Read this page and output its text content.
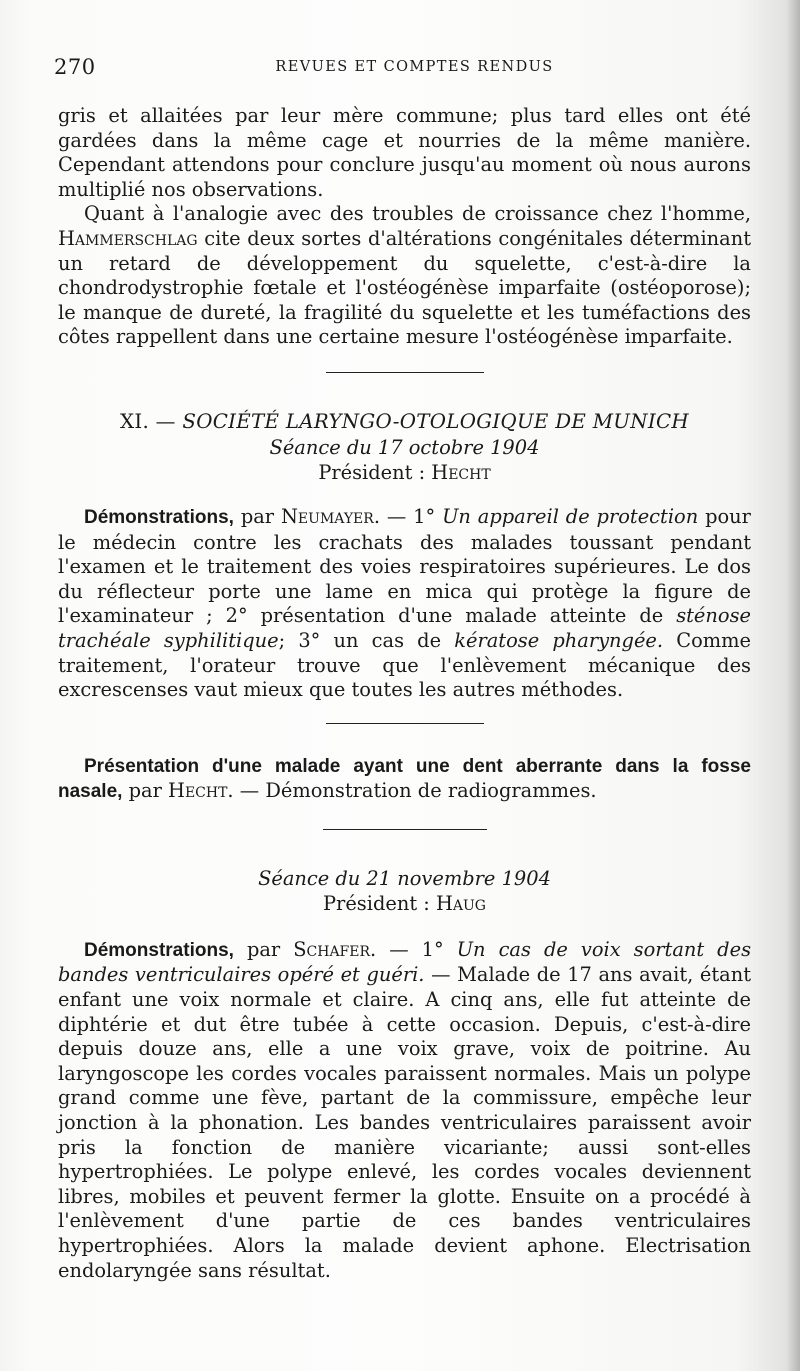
270	REVUES ET COMPTES RENDUS

gris et allaitées par leur mère commune; plus tard elles ont été gardées dans la même cage et nourries de la même manière. Cependant attendons pour conclure jusqu'au moment où nous aurons multiplié nos observations.

Quant à l'analogie avec des troubles de croissance chez l'homme, Hammerschlag cite deux sortes d'altérations congénitales déterminant un retard de développement du squelette, c'est-à-dire la chondrodystrophie fœtale et l'ostéogénèse imparfaite (ostéoporose); le manque de dureté, la fragilité du squelette et les tuméfactions des côtes rappellent dans une certaine mesure l'ostéogénèse imparfaite.

XI. — SOCIÉTÉ LARYNGO-OTOLOGIQUE DE MUNICH
Séance du 17 octobre 1904
Président : Hecht

Démonstrations, par Neumayer. — 1° Un appareil de protection pour le médecin contre les crachats des malades toussant pendant l'examen et le traitement des voies respiratoires supérieures. Le dos du réflecteur porte une lame en mica qui protège la figure de l'examinateur ; 2° présentation d'une malade atteinte de sténose trachéale syphilitique; 3° un cas de kératose pharyngée. Comme traitement, l'orateur trouve que l'enlèvement mécanique des excrescenses vaut mieux que toutes les autres méthodes.

Présentation d'une malade ayant une dent aberrante dans la fosse nasale, par Hecht. — Démonstration de radiogrammes.

Séance du 21 novembre 1904
Président : Haug

Démonstrations, par Schafer. — 1° Un cas de voix sortant des bandes ventriculaires opéré et guéri. — Malade de 17 ans avait, étant enfant une voix normale et claire. A cinq ans, elle fut atteinte de diphtérie et dut être tubée à cette occasion. Depuis, c'est-à-dire depuis douze ans, elle a une voix grave, voix de poitrine. Au laryngoscope les cordes vocales paraissent normales. Mais un polype grand comme une fève, partant de la commissure, empêche leur jonction à la phonation. Les bandes ventriculaires paraissent avoir pris la fonction de manière vicariante; aussi sont-elles hypertrophiées. Le polype enlevé, les cordes vocales deviennent libres, mobiles et peuvent fermer la glotte. Ensuite on a procédé à l'enlèvement d'une partie de ces bandes ventriculaires hypertrophiées. Alors la malade devient aphone. Electrisation endolaryngée sans résultat.
